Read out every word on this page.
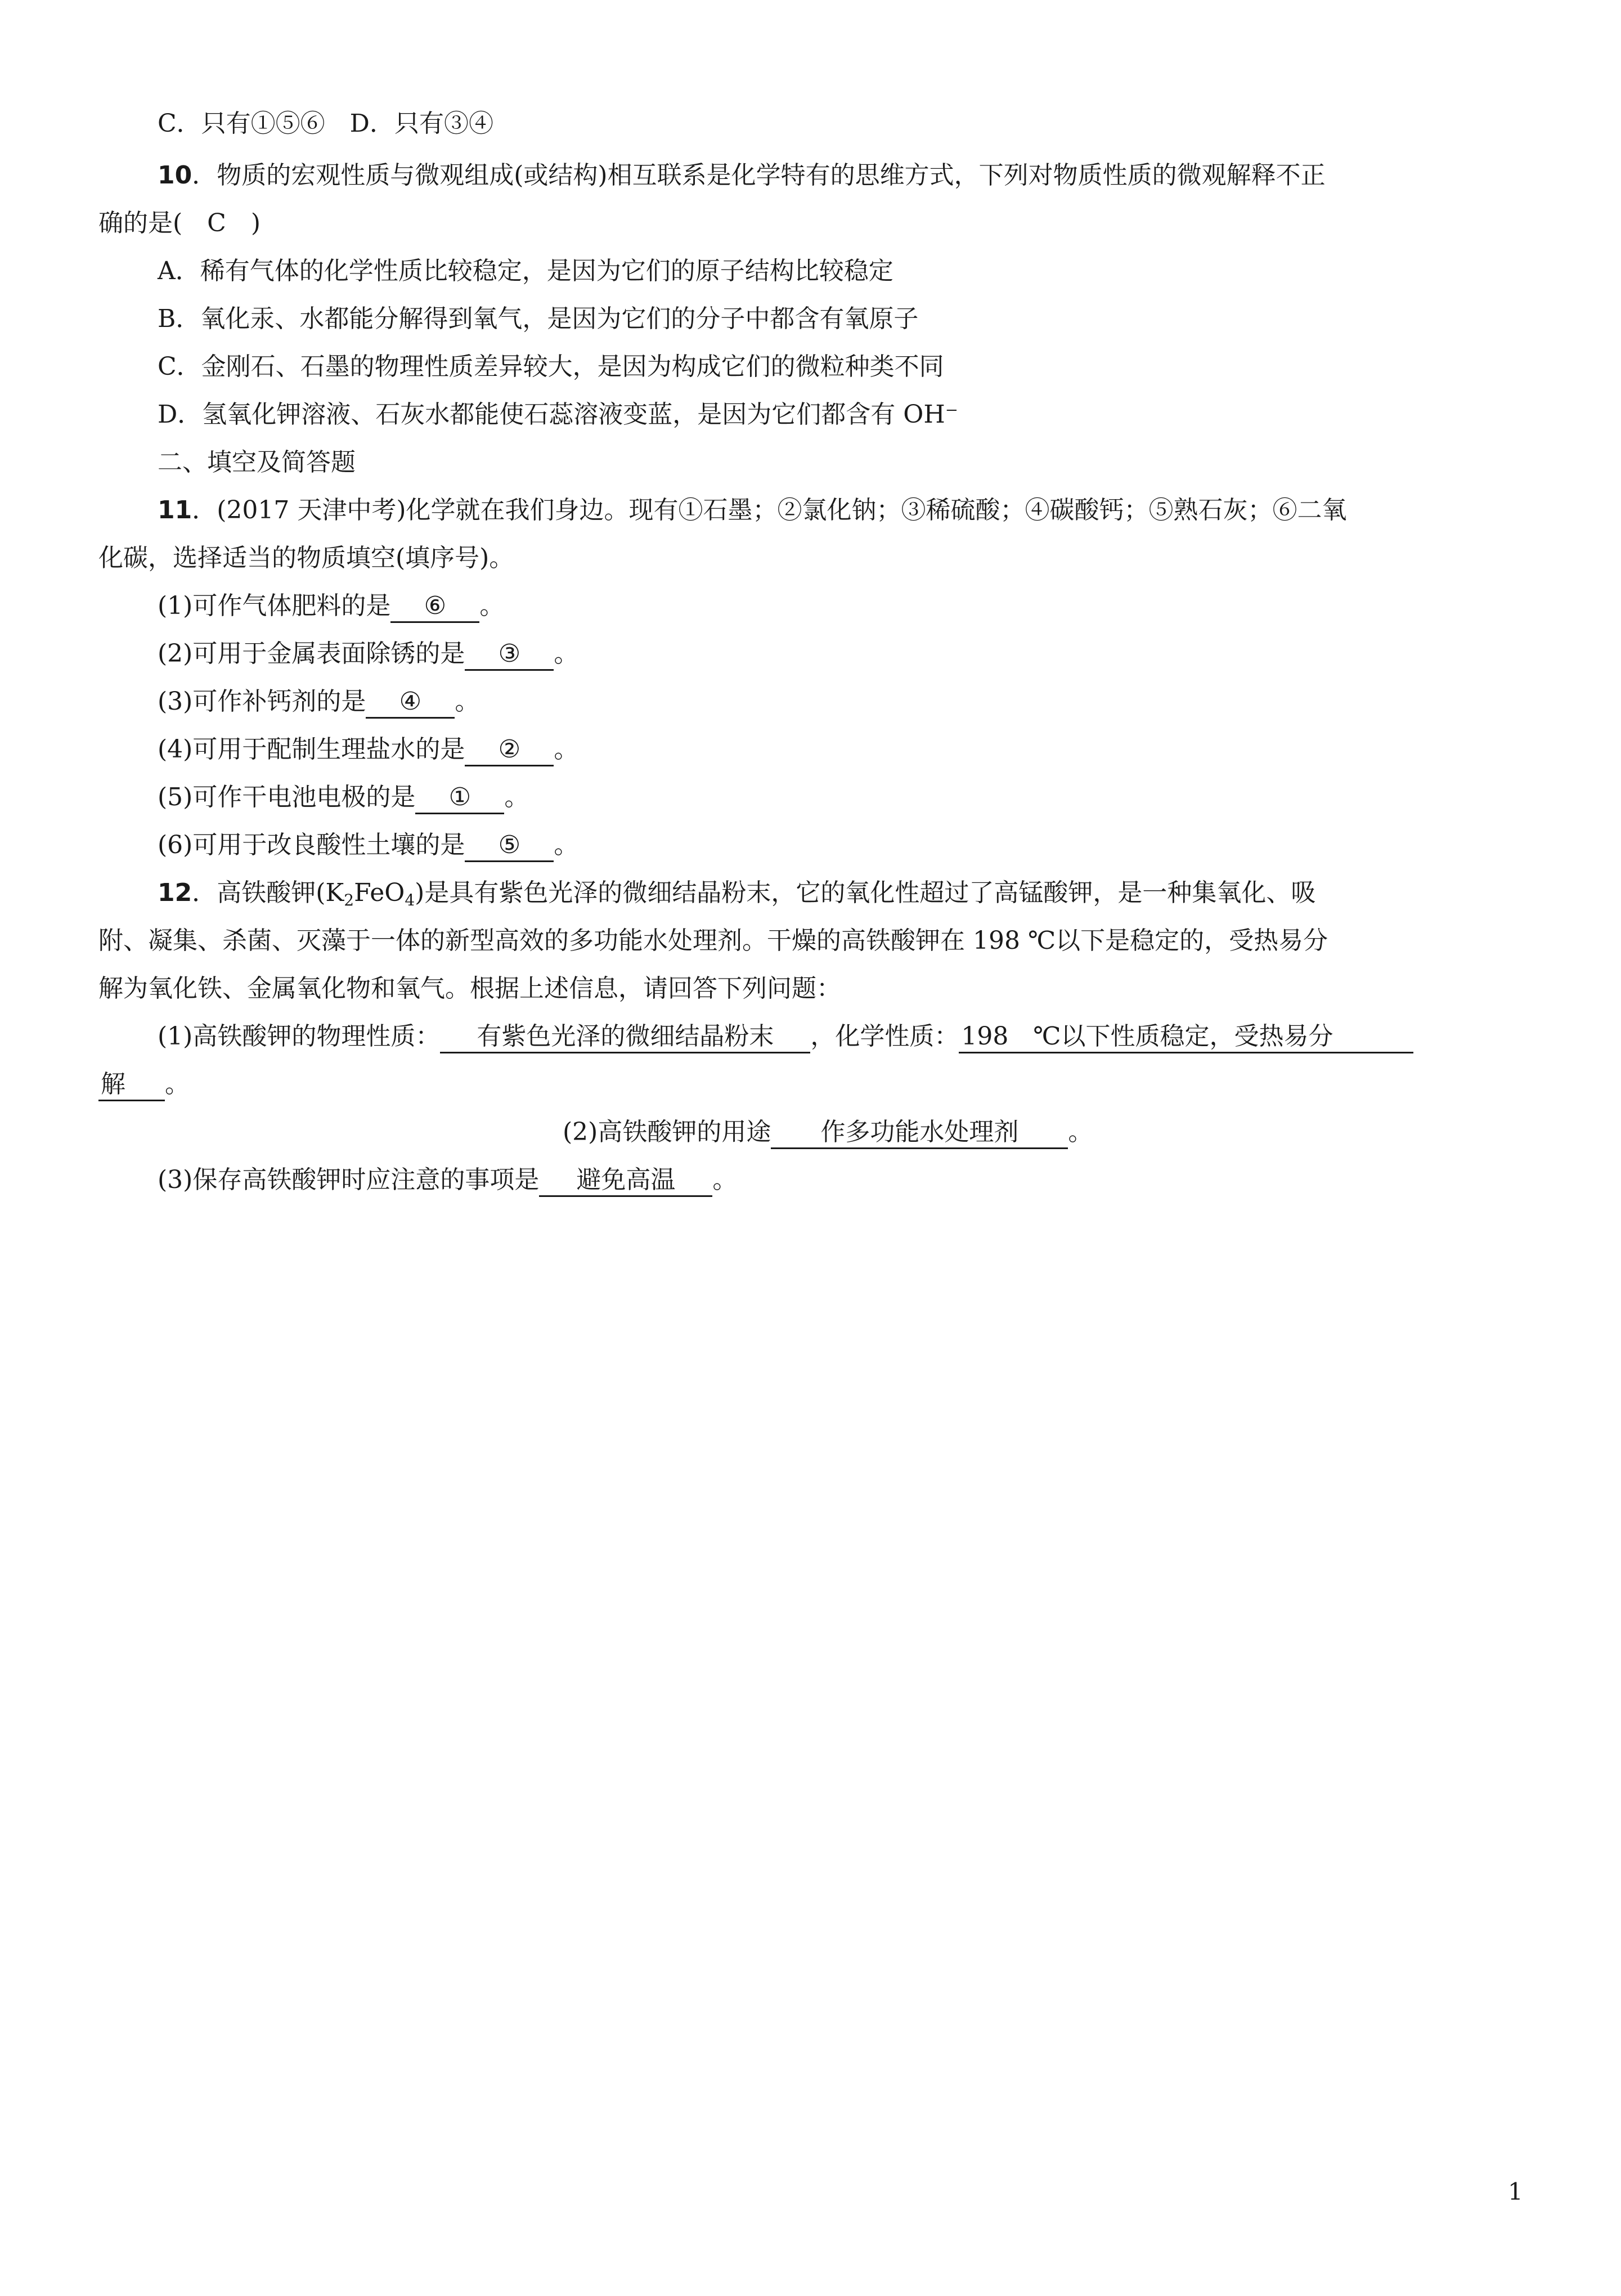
C．只有①⑤⑥　D．只有③④
10．物质的宏观性质与微观组成(或结构)相互联系是化学特有的思维方式，下列对物质性质的微观解释不正
确的是(　C　)
A．稀有气体的化学性质比较稳定，是因为它们的原子结构比较稳定
B．氧化汞、水都能分解得到氧气，是因为它们的分子中都含有氧原子
C．金刚石、石墨的物理性质差异较大，是因为构成它们的微粒种类不同
D．氢氧化钾溶液、石灰水都能使石蕊溶液变蓝，是因为它们都含有 OH⁻
二、填空及简答题
11．(2017 天津中考)化学就在我们身边。现有①石墨；②氯化钠；③稀硫酸；④碳酸钙；⑤熟石灰；⑥二氧
化碳，选择适当的物质填空(填序号)。
(1)可作气体肥料的是 ⑥ 。
(2)可用于金属表面除锈的是 ③ 。
(3)可作补钙剂的是 ④ 。
(4)可用于配制生理盐水的是 ② 。
(5)可作干电池电极的是 ① 。
(6)可用于改良酸性土壤的是 ⑤ 。
12．高铁酸钾$(K_2FeO_4)$是具有紫色光泽的微细结晶粉末，它的氧化性超过了高锰酸钾，是一种集氧化、吸
附、凝集、杀菌、灭藻于一体的新型高效的多功能水处理剂。干燥的高铁酸钾在 198 ℃以下是稳定的，受热易分
解为氧化铁、金属氧化物和氧气。根据上述信息，请回答下列问题：
(1)高铁酸钾的物理性质： 有紫色光泽的微细结晶粉末 ，化学性质：198　℃以下性质稳定，受热易分
解 。
(2)高铁酸钾的用途 作多功能水处理剂 。
(3)保存高铁酸钾时应注意的事项是 避免高温 。
1
